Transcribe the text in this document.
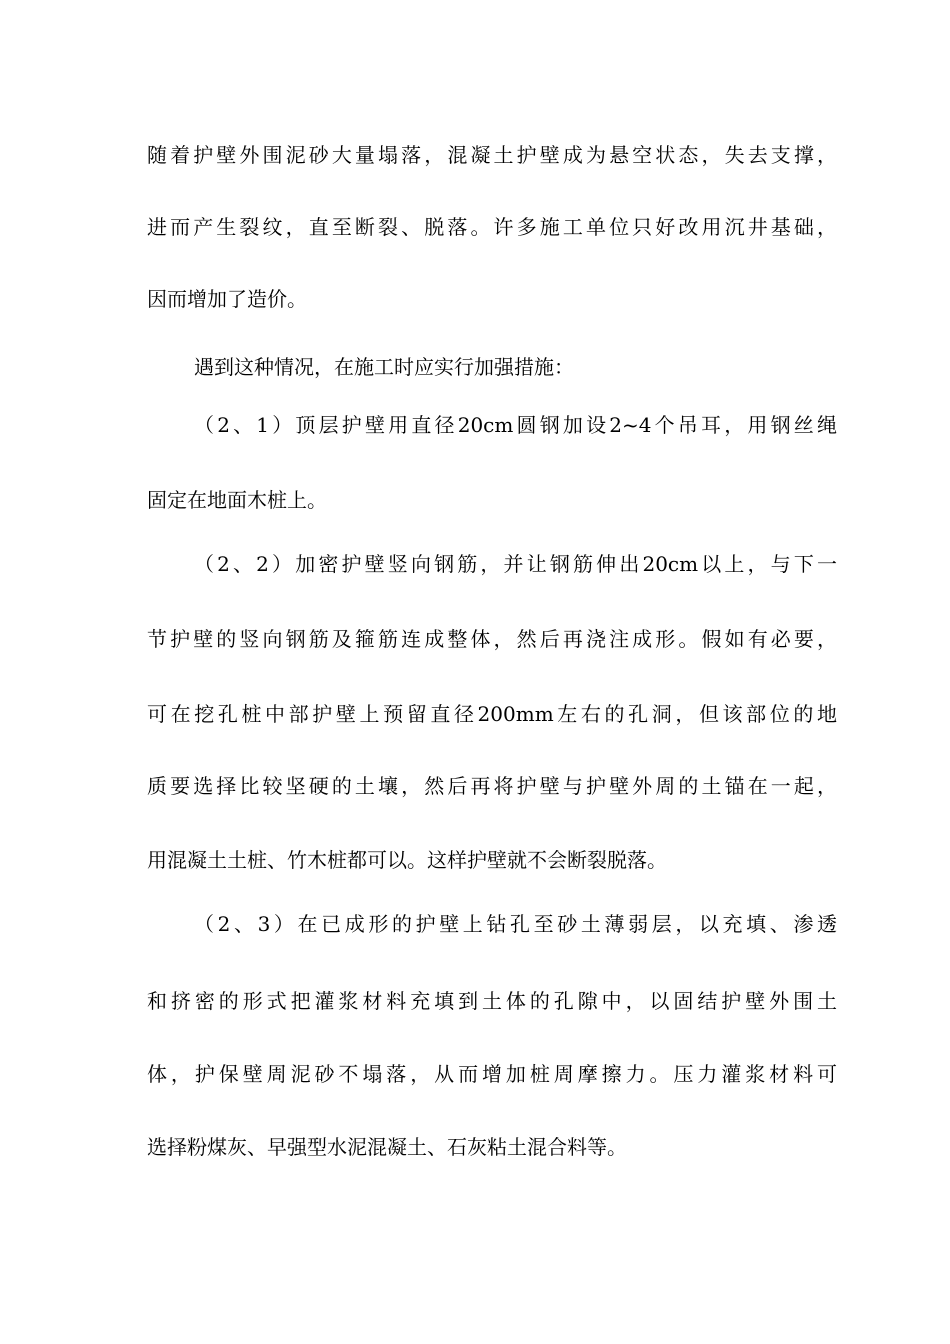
随着护壁外围泥砂大量塌落，混凝土护壁成为悬空状态，失去支撑，
进而产生裂纹，直至断裂、脱落。许多施工单位只好改用沉井基础，
因而增加了造价。
遇到这种情况，在施工时应实行加强措施：
（2、1）顶层护壁用直径20cm圆钢加设2~4个吊耳，用钢丝绳
固定在地面木桩上。
（2、2）加密护壁竖向钢筋，并让钢筋伸出20cm以上，与下一
节护壁的竖向钢筋及箍筋连成整体，然后再浇注成形。假如有必要，
可在挖孔桩中部护壁上预留直径200mm左右的孔洞，但该部位的地
质要选择比较坚硬的土壤，然后再将护壁与护壁外周的土锚在一起，
用混凝土土桩、竹木桩都可以。这样护壁就不会断裂脱落。
（2、3）在已成形的护壁上钻孔至砂土薄弱层，以充填、渗透
和挤密的形式把灌浆材料充填到土体的孔隙中，以固结护壁外围土
体，护保壁周泥砂不塌落，从而增加桩周摩擦力。压力灌浆材料可
选择粉煤灰、早强型水泥混凝土、石灰粘土混合料等。
